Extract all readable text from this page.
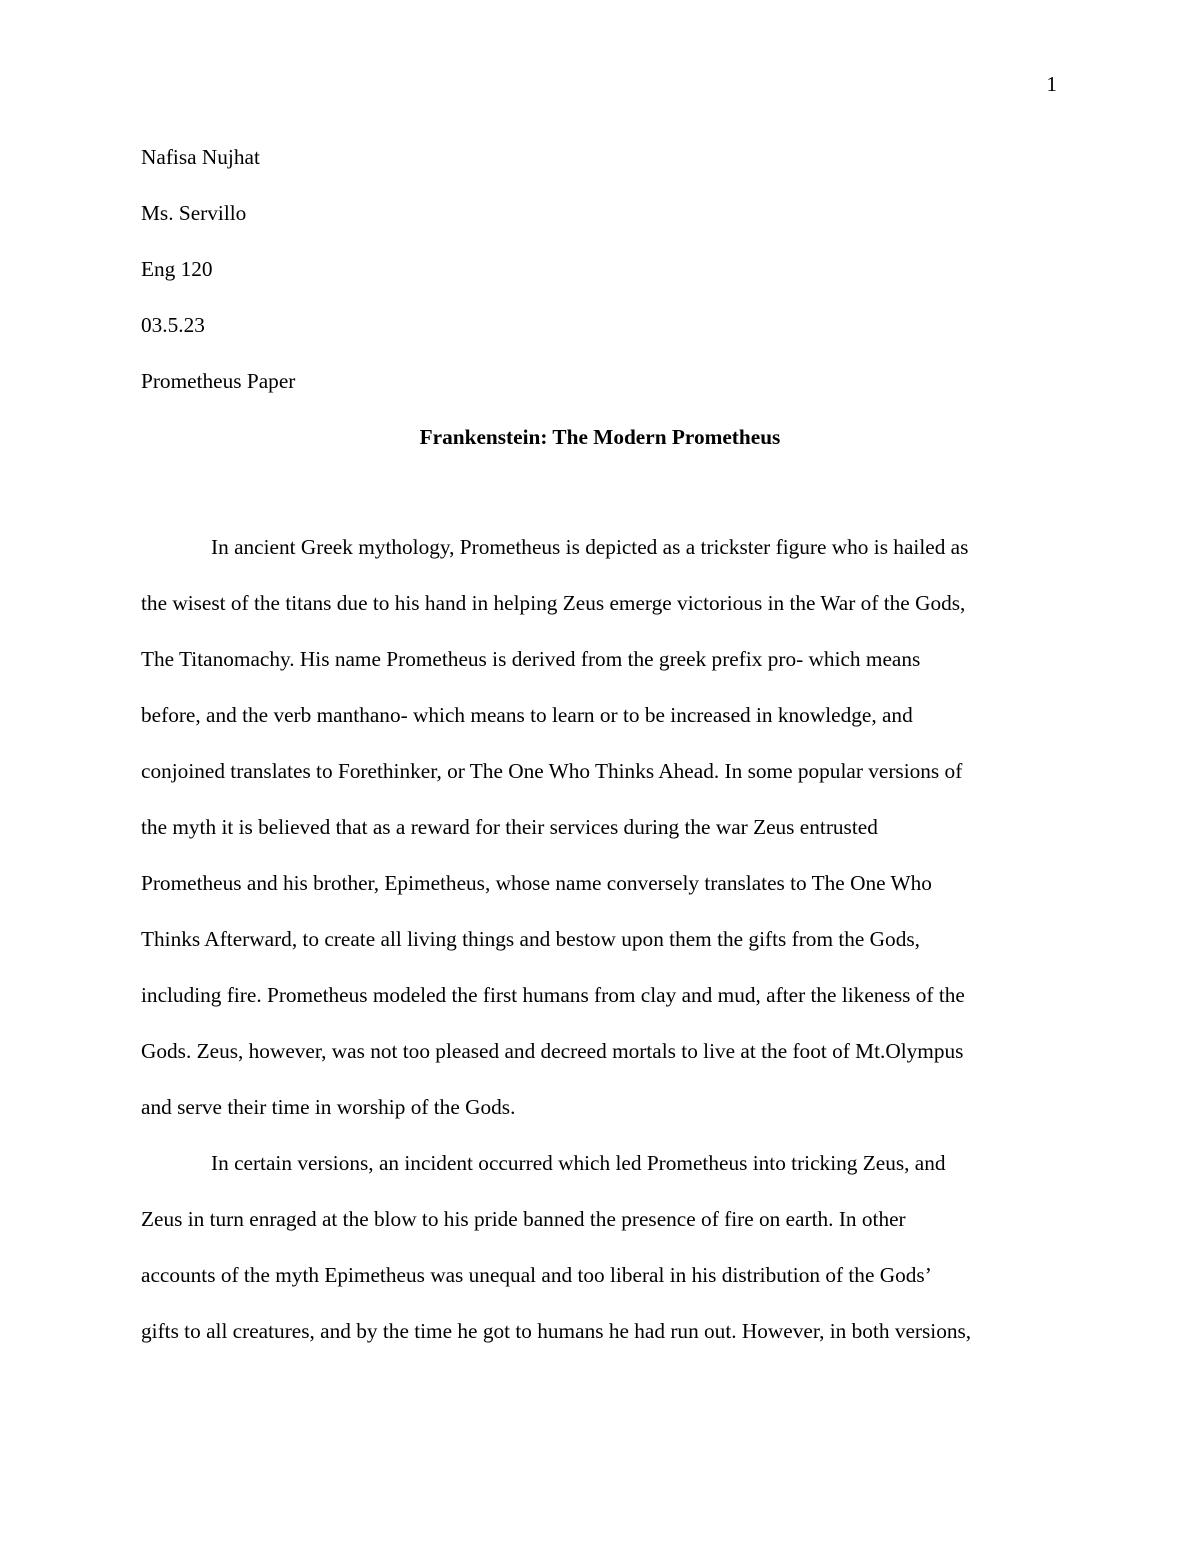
1
Nafisa Nujhat
Ms. Servillo
Eng 120
03.5.23
Prometheus Paper
Frankenstein: The Modern Prometheus
In ancient Greek mythology, Prometheus is depicted as a trickster figure who is hailed as
the wisest of the titans due to his hand in helping Zeus emerge victorious in the War of the Gods,
The Titanomachy. His name Prometheus is derived from the greek prefix pro- which means
before, and the verb manthano- which means to learn or to be increased in knowledge, and
conjoined translates to Forethinker, or The One Who Thinks Ahead. In some popular versions of
the myth it is believed that as a reward for their services during the war Zeus entrusted
Prometheus and his brother, Epimetheus, whose name conversely translates to The One Who
Thinks Afterward, to create all living things and bestow upon them the gifts from the Gods,
including fire. Prometheus modeled the first humans from clay and mud, after the likeness of the
Gods. Zeus, however, was not too pleased and decreed mortals to live at the foot of Mt.Olympus
and serve their time in worship of the Gods.
In certain versions, an incident occurred which led Prometheus into tricking Zeus, and
Zeus in turn enraged at the blow to his pride banned the presence of fire on earth. In other
accounts of the myth Epimetheus was unequal and too liberal in his distribution of the Gods’
gifts to all creatures, and by the time he got to humans he had run out. However, in both versions,
